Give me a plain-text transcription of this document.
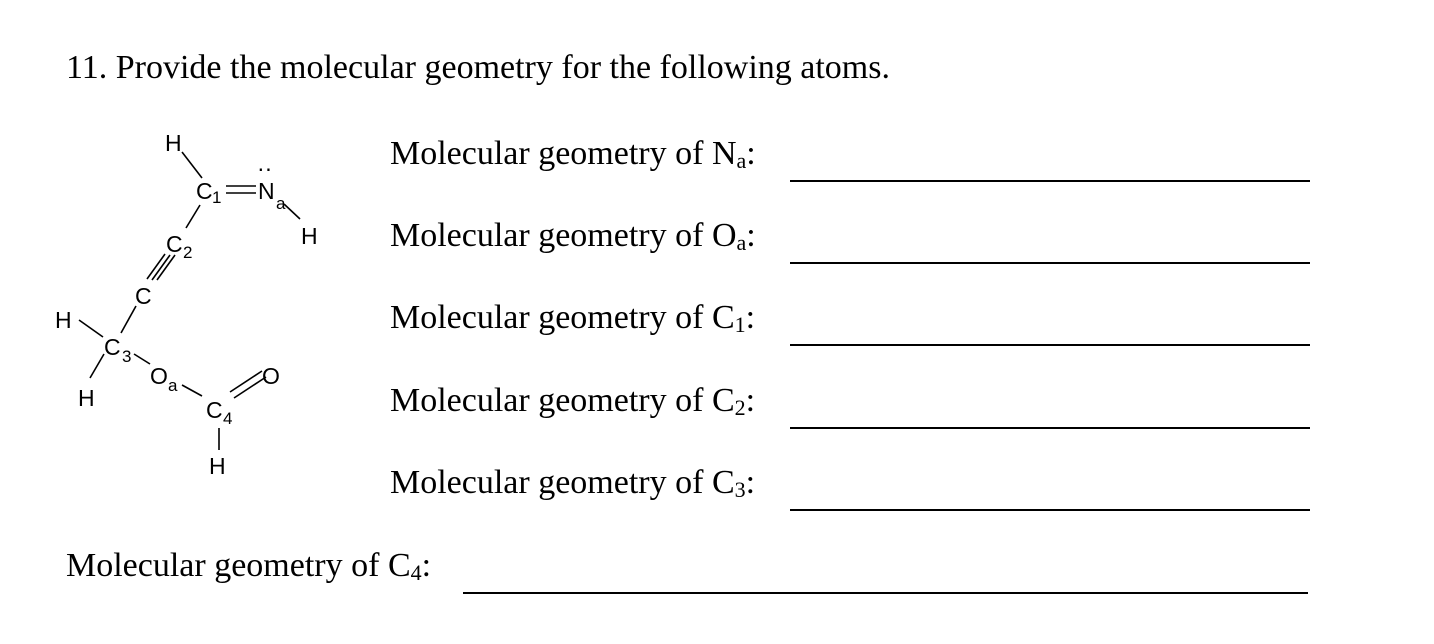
11. Provide the molecular geometry for the following atoms.
Molecular geometry of $N_a$:
Molecular geometry of $O_a$:
Molecular geometry of $C_1$:
Molecular geometry of $C_2$:
Molecular geometry of $C_3$:
Molecular geometry of $C_4$:
H
C 1 N a
··
H
C 2
C
H
C 3
H
O a	O
C 4
H
